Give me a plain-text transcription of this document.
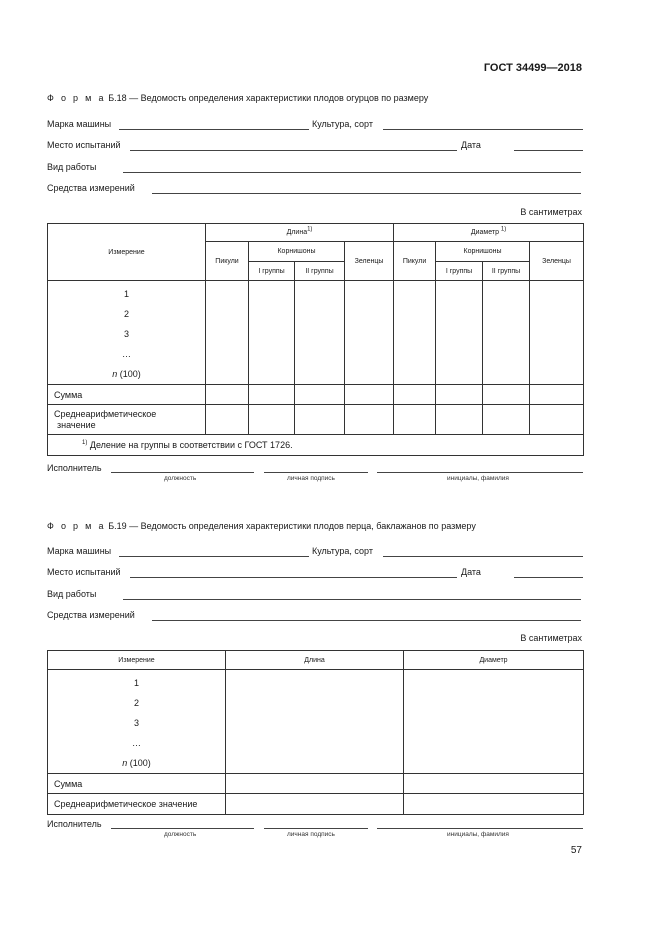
ГОСТ 34499—2018
Ф о р м а Б.18 — Ведомость определения характеристики плодов огурцов по размеру
Марка машины	Культура, сорт
Место испытаний	Дата
Вид работы
Средства измерений
В сантиметрах
Измерение	Длина$^{1)}$				Диаметр $^{1)}$
	Пикули	Корнишоны		Зеленцы	Пикули	Корнишоны		Зеленцы
		I группы	II группы			I группы	II группы	

1
2
3
…
n (100)								

Сумма								

Среднеарифметическое
значение								

$^{1)}$ Деление на группы в соответствии с ГОСТ 1726.								
Исполнитель
должность	личная подпись	инициалы, фамилия
Ф о р м а Б.19 — Ведомость определения характеристики плодов перца, баклажанов по размеру
Марка машины	Культура, сорт
Место испытаний	Дата
Вид работы
Средства измерений
В сантиметрах
Измерение	Длина	Диаметр

1
2
3
…
n (100)		

Сумма		
Среднеарифметическое значение		
Исполнитель
должность	личная подпись	инициалы, фамилия
57
